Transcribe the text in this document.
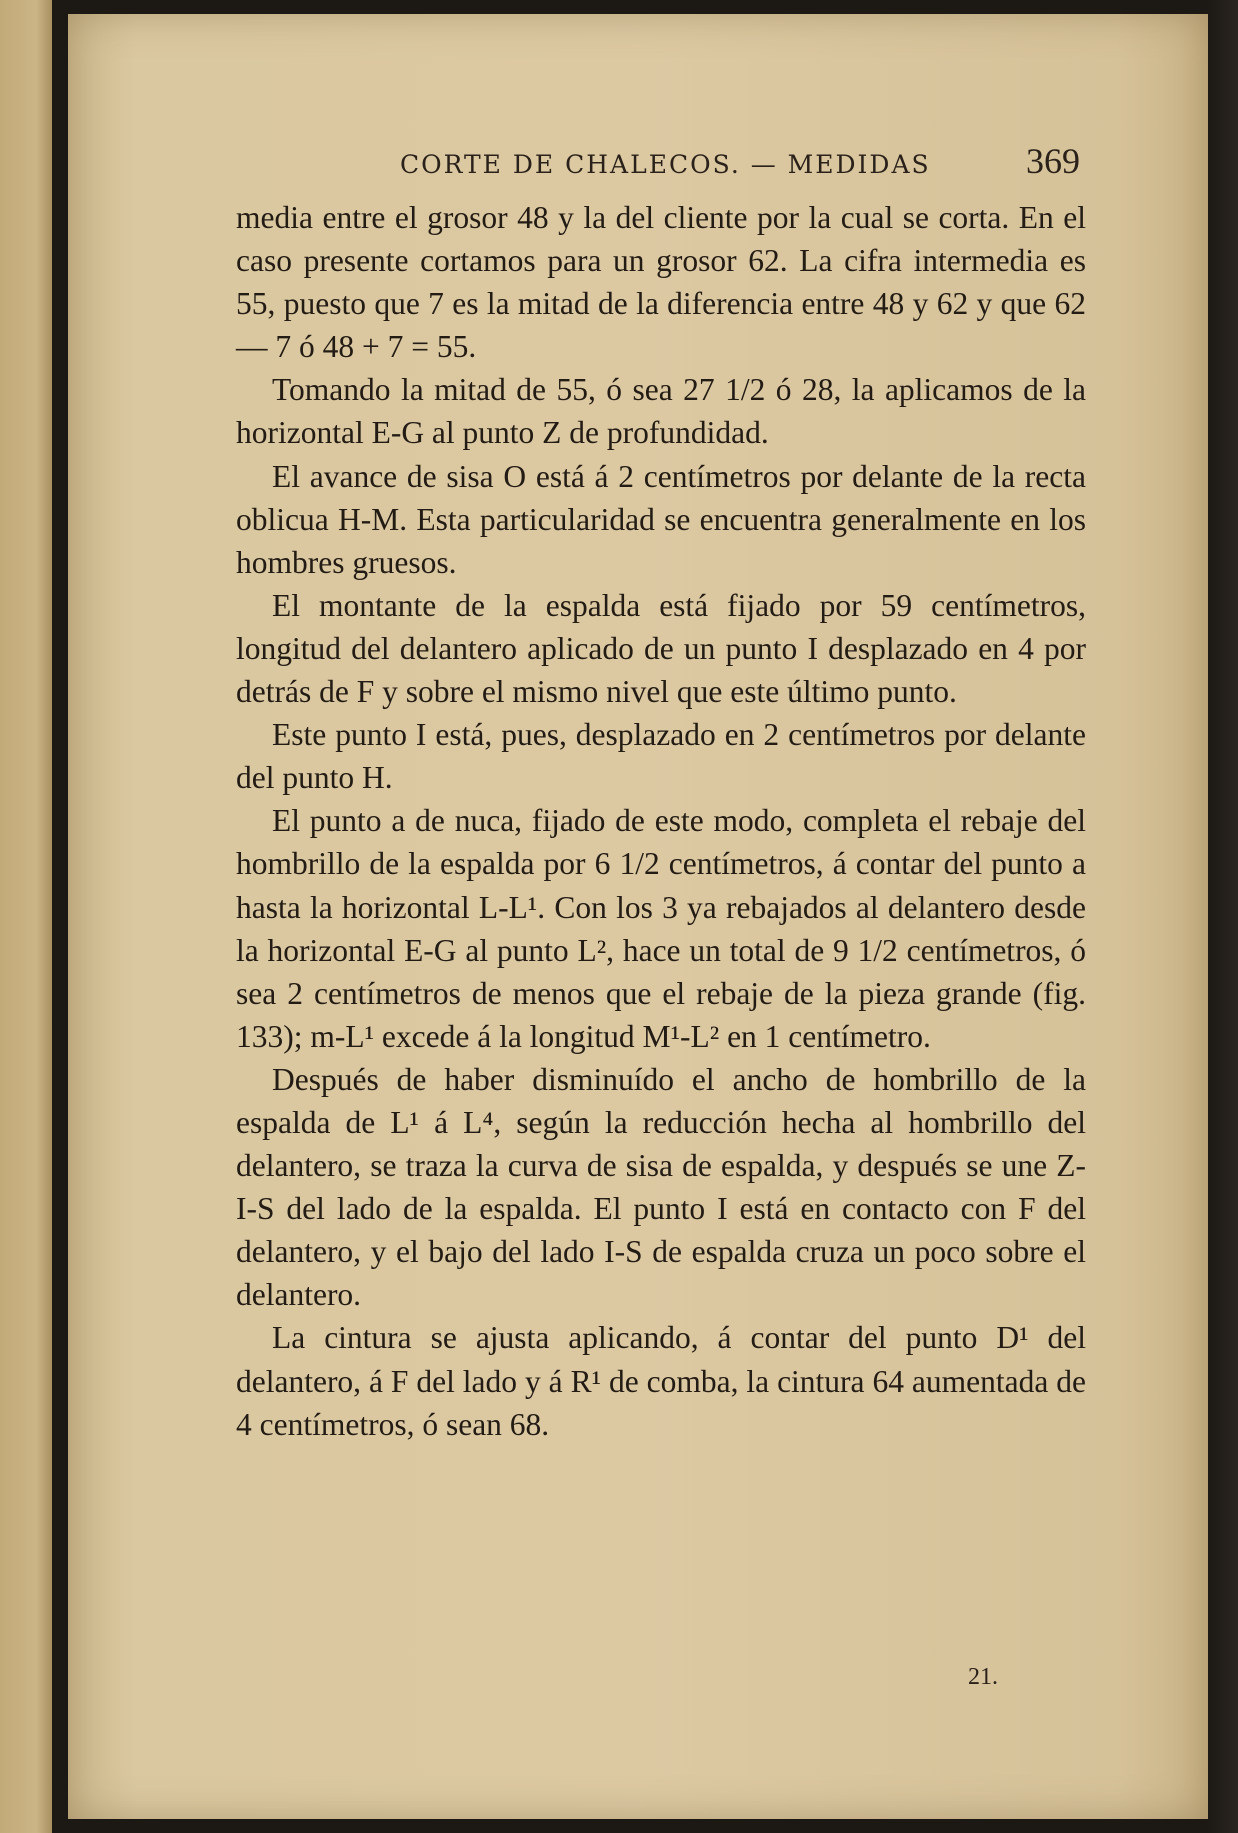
CORTE DE CHALECOS. — MEDIDAS	369

media entre el grosor 48 y la del cliente por la cual se corta. En el caso presente cortamos para un grosor 62. La cifra intermedia es 55, puesto que 7 es la mitad de la diferencia entre 48 y 62 y que 62 — 7 ó 48 + 7 = 55.

Tomando la mitad de 55, ó sea 27 1/2 ó 28, la aplicamos de la horizontal E-G al punto Z de profundidad.

El avance de sisa O está á 2 centímetros por delante de la recta oblicua H-M. Esta particularidad se encuentra generalmente en los hombres gruesos.

El montante de la espalda está fijado por 59 centímetros, longitud del delantero aplicado de un punto I desplazado en 4 por detrás de F y sobre el mismo nivel que este último punto.

Este punto I está, pues, desplazado en 2 centímetros por delante del punto H.

El punto a de nuca, fijado de este modo, completa el rebaje del hombrillo de la espalda por 6 1/2 centímetros, á contar del punto a hasta la horizontal L-L¹. Con los 3 ya rebajados al delantero desde la horizontal E-G al punto L², hace un total de 9 1/2 centímetros, ó sea 2 centímetros de menos que el rebaje de la pieza grande (fig. 133); m-L¹ excede á la longitud M¹-L² en 1 centímetro.

Después de haber disminuído el ancho de hombrillo de la espalda de L¹ á L⁴, según la reducción hecha al hombrillo del delantero, se traza la curva de sisa de espalda, y después se une Z-I-S del lado de la espalda. El punto I está en contacto con F del delantero, y el bajo del lado I-S de espalda cruza un poco sobre el delantero.

La cintura se ajusta aplicando, á contar del punto D¹ del delantero, á F del lado y á R¹ de comba, la cintura 64 aumentada de 4 centímetros, ó sean 68.

21.
